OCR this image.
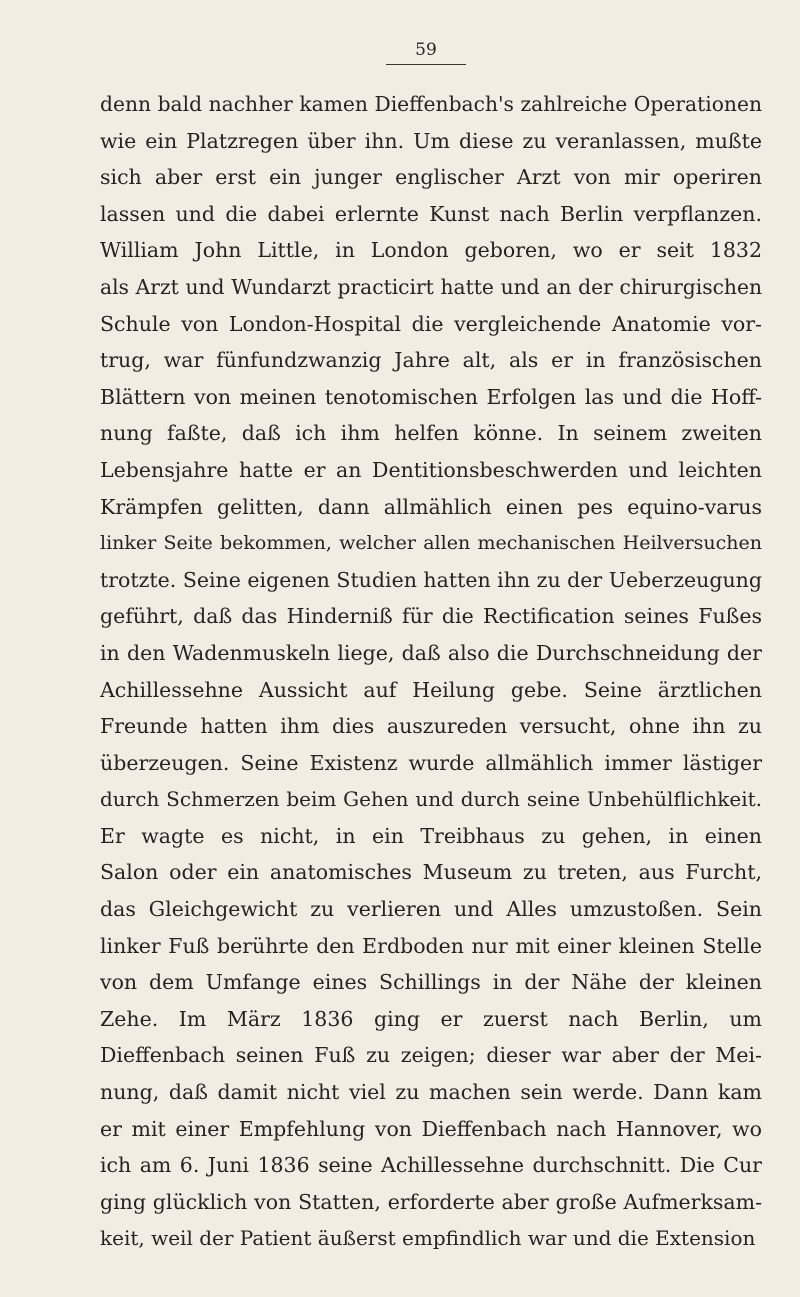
59
denn bald nachher kamen Dieffenbach's zahlreiche Operationen
wie ein Platzregen über ihn. Um diese zu veranlassen, mußte
sich aber erst ein junger englischer Arzt von mir operiren
lassen und die dabei erlernte Kunst nach Berlin verpflanzen.
William John Little, in London geboren, wo er seit 1832
als Arzt und Wundarzt practicirt hatte und an der chirurgischen
Schule von London-Hospital die vergleichende Anatomie vor-
trug, war fünfundzwanzig Jahre alt, als er in französischen
Blättern von meinen tenotomischen Erfolgen las und die Hoff-
nung faßte, daß ich ihm helfen könne. In seinem zweiten
Lebensjahre hatte er an Dentitionsbeschwerden und leichten
Krämpfen gelitten, dann allmählich einen pes equino-varus
linker Seite bekommen, welcher allen mechanischen Heilversuchen
trotzte. Seine eigenen Studien hatten ihn zu der Ueberzeugung
geführt, daß das Hinderniß für die Rectification seines Fußes
in den Wadenmuskeln liege, daß also die Durchschneidung der
Achillessehne Aussicht auf Heilung gebe. Seine ärztlichen
Freunde hatten ihm dies auszureden versucht, ohne ihn zu
überzeugen. Seine Existenz wurde allmählich immer lästiger
durch Schmerzen beim Gehen und durch seine Unbehülflichkeit.
Er wagte es nicht, in ein Treibhaus zu gehen, in einen
Salon oder ein anatomisches Museum zu treten, aus Furcht,
das Gleichgewicht zu verlieren und Alles umzustoßen. Sein
linker Fuß berührte den Erdboden nur mit einer kleinen Stelle
von dem Umfange eines Schillings in der Nähe der kleinen
Zehe. Im März 1836 ging er zuerst nach Berlin, um
Dieffenbach seinen Fuß zu zeigen; dieser war aber der Mei-
nung, daß damit nicht viel zu machen sein werde. Dann kam
er mit einer Empfehlung von Dieffenbach nach Hannover, wo
ich am 6. Juni 1836 seine Achillessehne durchschnitt. Die Cur
ging glücklich von Statten, erforderte aber große Aufmerksam-
keit, weil der Patient äußerst empfindlich war und die Extension
